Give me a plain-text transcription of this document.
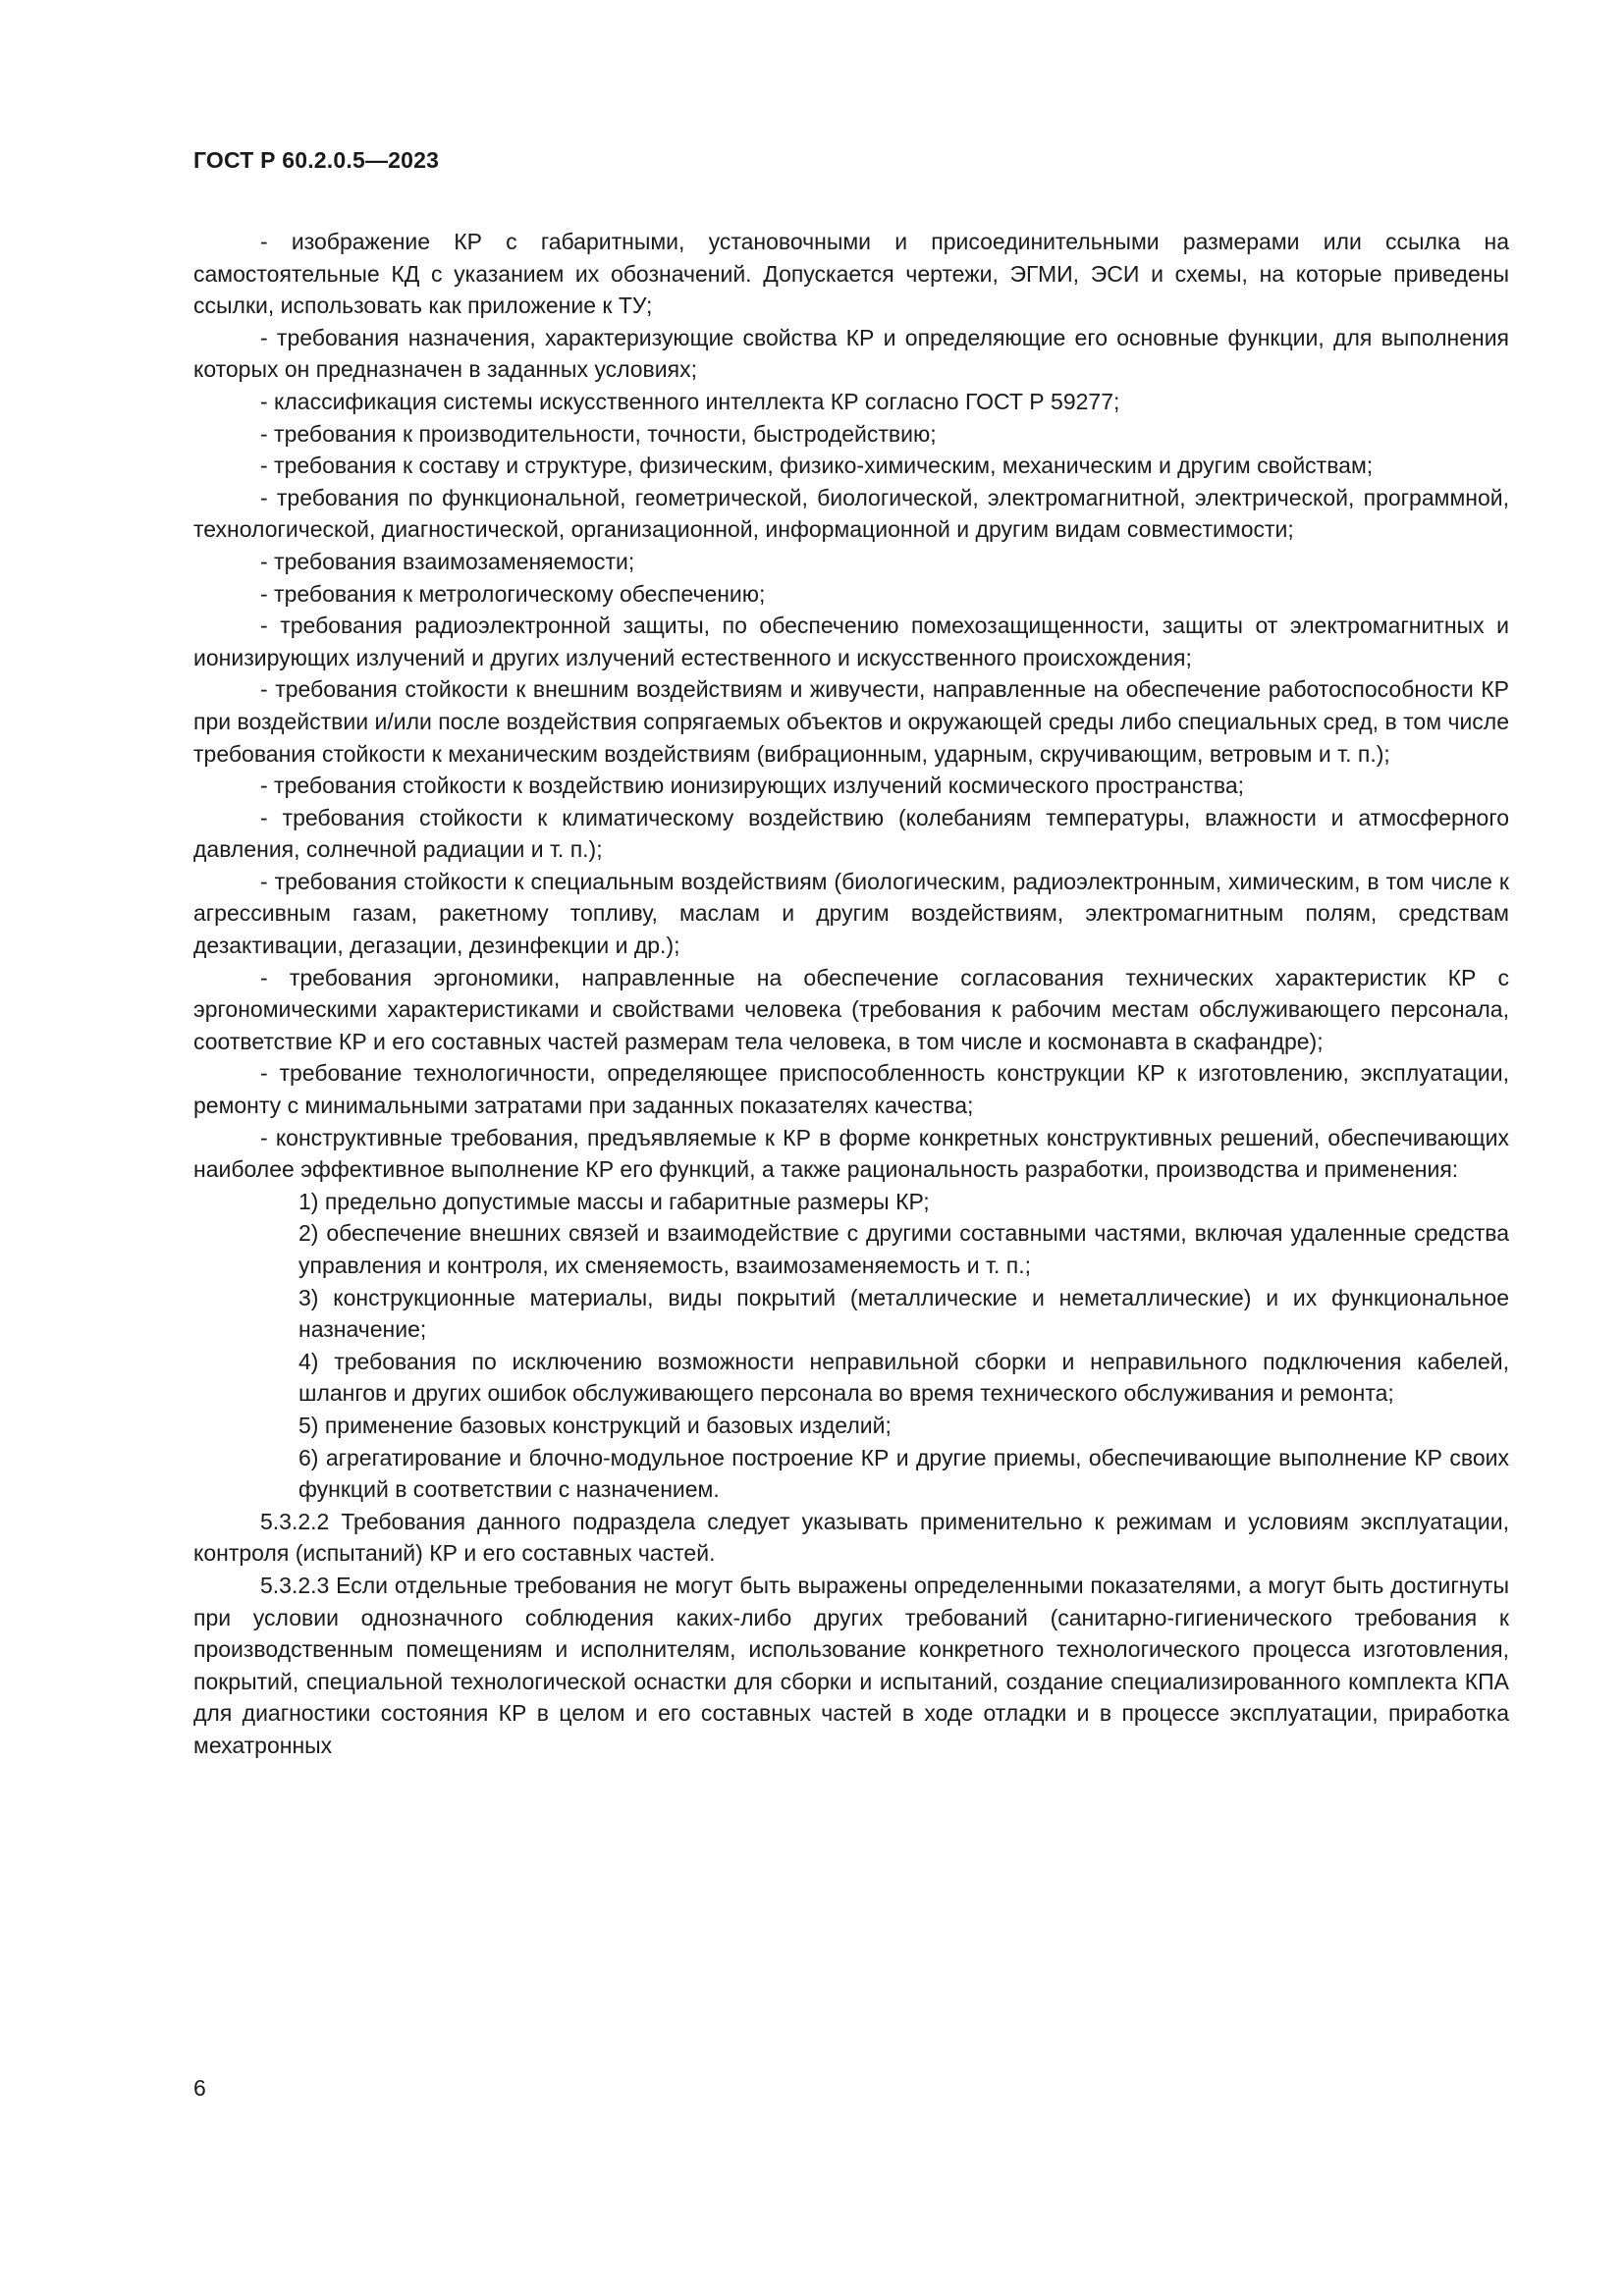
ГОСТ Р 60.2.0.5—2023

- изображение КР с габаритными, установочными и присоединительными размерами или ссылка на самостоятельные КД с указанием их обозначений. Допускается чертежи, ЭГМИ, ЭСИ и схемы, на которые приведены ссылки, использовать как приложение к ТУ;

- требования назначения, характеризующие свойства КР и определяющие его основные функции, для выполнения которых он предназначен в заданных условиях;

- классификация системы искусственного интеллекта КР согласно ГОСТ Р 59277;

- требования к производительности, точности, быстродействию;

- требования к составу и структуре, физическим, физико-химическим, механическим и другим свойствам;

- требования по функциональной, геометрической, биологической, электромагнитной, электрической, программной, технологической, диагностической, организационной, информационной и другим видам совместимости;

- требования взаимозаменяемости;

- требования к метрологическому обеспечению;

- требования радиоэлектронной защиты, по обеспечению помехозащищенности, защиты от электромагнитных и ионизирующих излучений и других излучений естественного и искусственного происхождения;

- требования стойкости к внешним воздействиям и живучести, направленные на обеспечение работоспособности КР при воздействии и/или после воздействия сопрягаемых объектов и окружающей среды либо специальных сред, в том числе требования стойкости к механическим воздействиям (вибрационным, ударным, скручивающим, ветровым и т. п.);

- требования стойкости к воздействию ионизирующих излучений космического пространства;

- требования стойкости к климатическому воздействию (колебаниям температуры, влажности и атмосферного давления, солнечной радиации и т. п.);

- требования стойкости к специальным воздействиям (биологическим, радиоэлектронным, химическим, в том числе к агрессивным газам, ракетному топливу, маслам и другим воздействиям, электромагнитным полям, средствам дезактивации, дегазации, дезинфекции и др.);

- требования эргономики, направленные на обеспечение согласования технических характеристик КР с эргономическими характеристиками и свойствами человека (требования к рабочим местам обслуживающего персонала, соответствие КР и его составных частей размерам тела человека, в том числе и космонавта в скафандре);

- требование технологичности, определяющее приспособленность конструкции КР к изготовлению, эксплуатации, ремонту с минимальными затратами при заданных показателях качества;

- конструктивные требования, предъявляемые к КР в форме конкретных конструктивных решений, обеспечивающих наиболее эффективное выполнение КР его функций, а также рациональность разработки, производства и применения:

1) предельно допустимые массы и габаритные размеры КР;

2) обеспечение внешних связей и взаимодействие с другими составными частями, включая удаленные средства управления и контроля, их сменяемость, взаимозаменяемость и т. п.;

3) конструкционные материалы, виды покрытий (металлические и неметаллические) и их функциональное назначение;

4) требования по исключению возможности неправильной сборки и неправильного подключения кабелей, шлангов и других ошибок обслуживающего персонала во время технического обслуживания и ремонта;

5) применение базовых конструкций и базовых изделий;

6) агрегатирование и блочно-модульное построение КР и другие приемы, обеспечивающие выполнение КР своих функций в соответствии с назначением.

5.3.2.2 Требования данного подраздела следует указывать применительно к режимам и условиям эксплуатации, контроля (испытаний) КР и его составных частей.

5.3.2.3 Если отдельные требования не могут быть выражены определенными показателями, а могут быть достигнуты при условии однозначного соблюдения каких-либо других требований (санитарно-гигиенического требования к производственным помещениям и исполнителям, использование конкретного технологического процесса изготовления, покрытий, специальной технологической оснастки для сборки и испытаний, создание специализированного комплекта КПА для диагностики состояния КР в целом и его составных частей в ходе отладки и в процессе эксплуатации, приработка мехатронных

6
